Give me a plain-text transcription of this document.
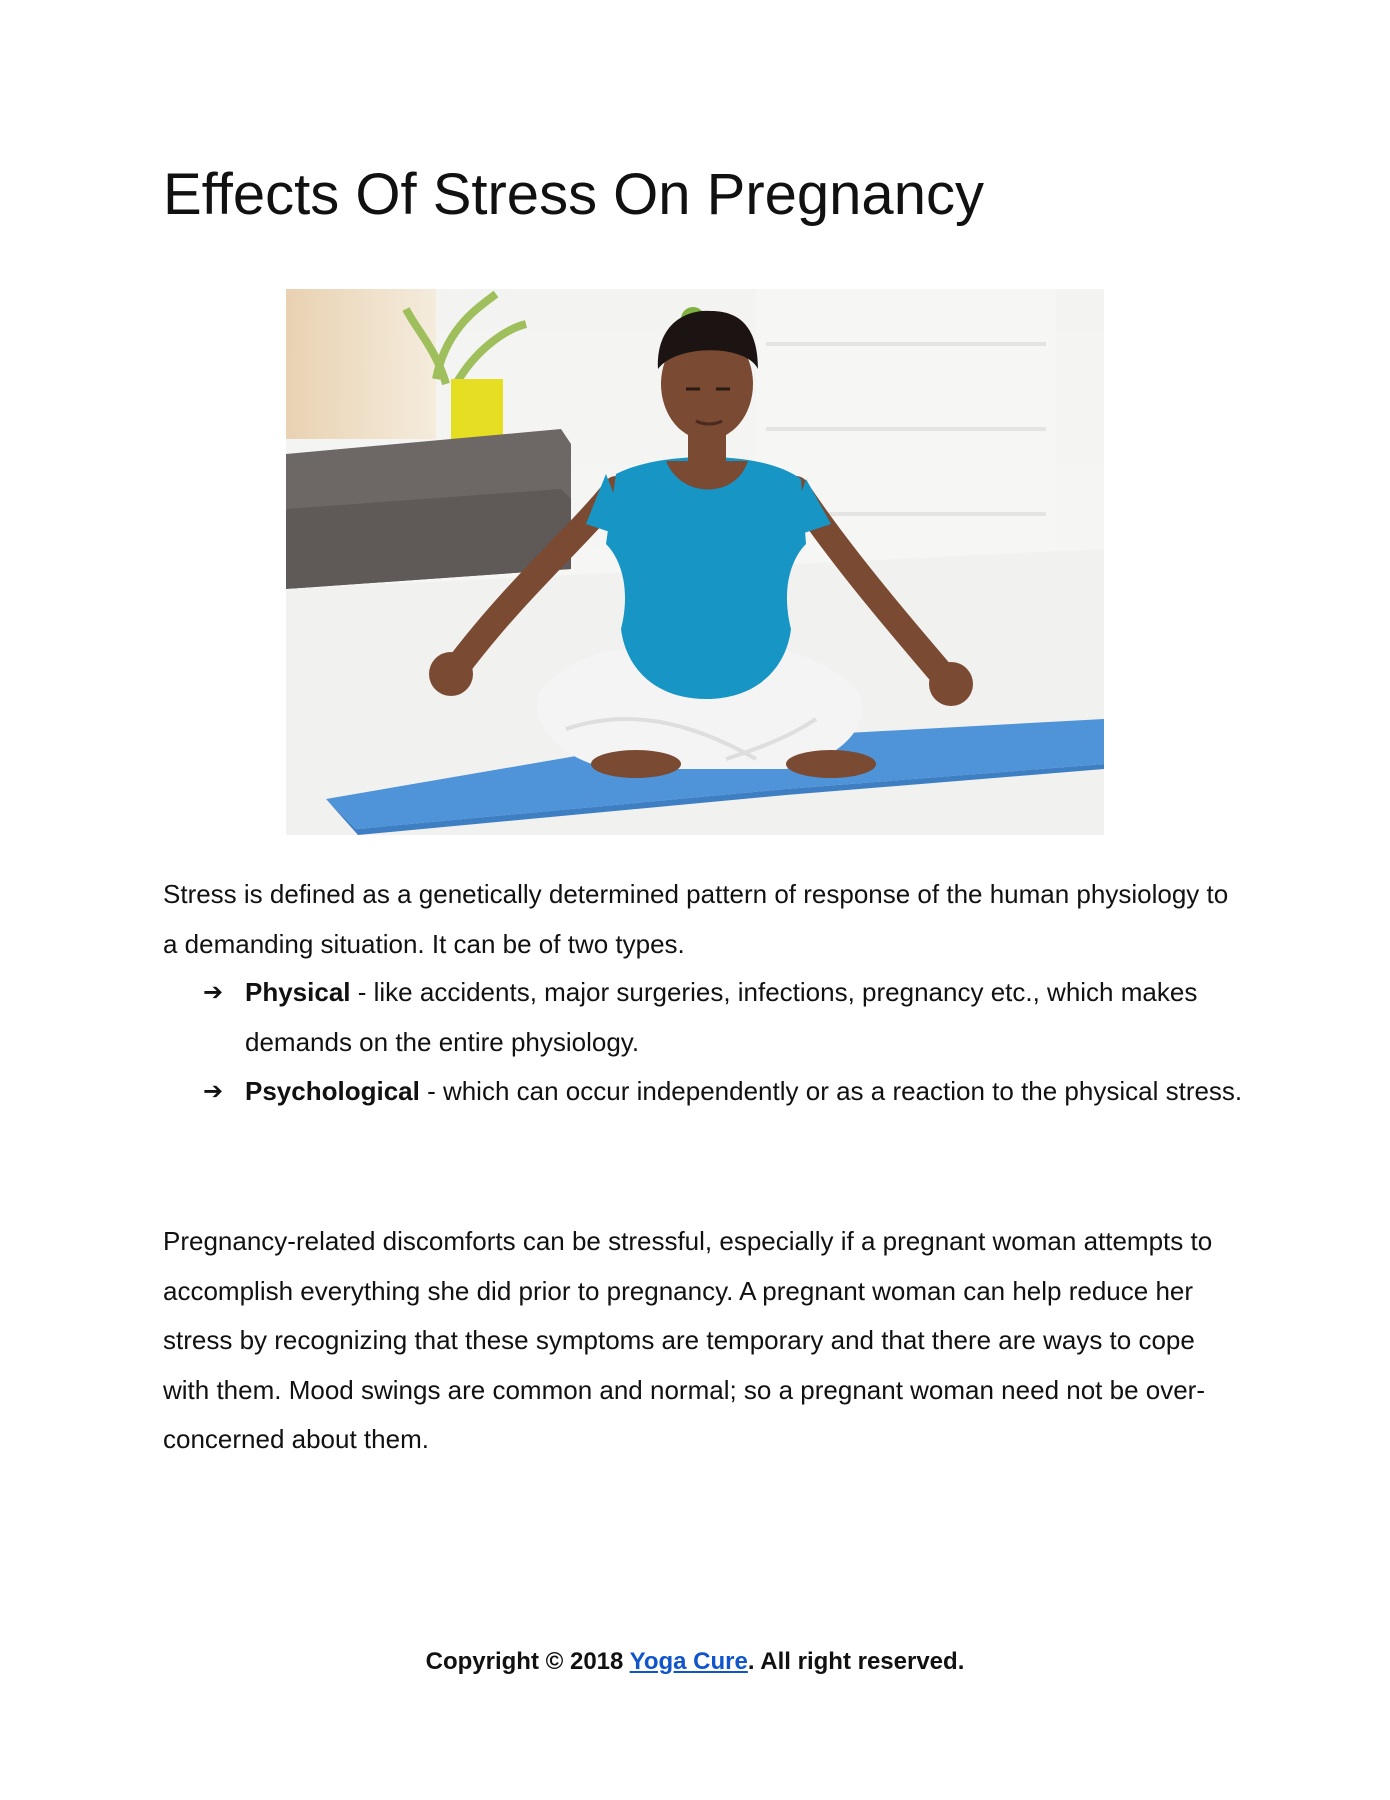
Effects Of Stress On Pregnancy

Stress is defined as a genetically determined pattern of response of the human physiology to a demanding situation. It can be of two types.

➔ Physical - like accidents, major surgeries, infections, pregnancy etc., which makes demands on the entire physiology.
➔ Psychological - which can occur independently or as a reaction to the physical stress.

Pregnancy-related discomforts can be stressful, especially if a pregnant woman attempts to accomplish everything she did prior to pregnancy. A pregnant woman can help reduce her stress by recognizing that these symptoms are temporary and that there are ways to cope with them. Mood swings are common and normal; so a pregnant woman need not be over-concerned about them.

Copyright © 2018 Yoga Cure. All right reserved.
